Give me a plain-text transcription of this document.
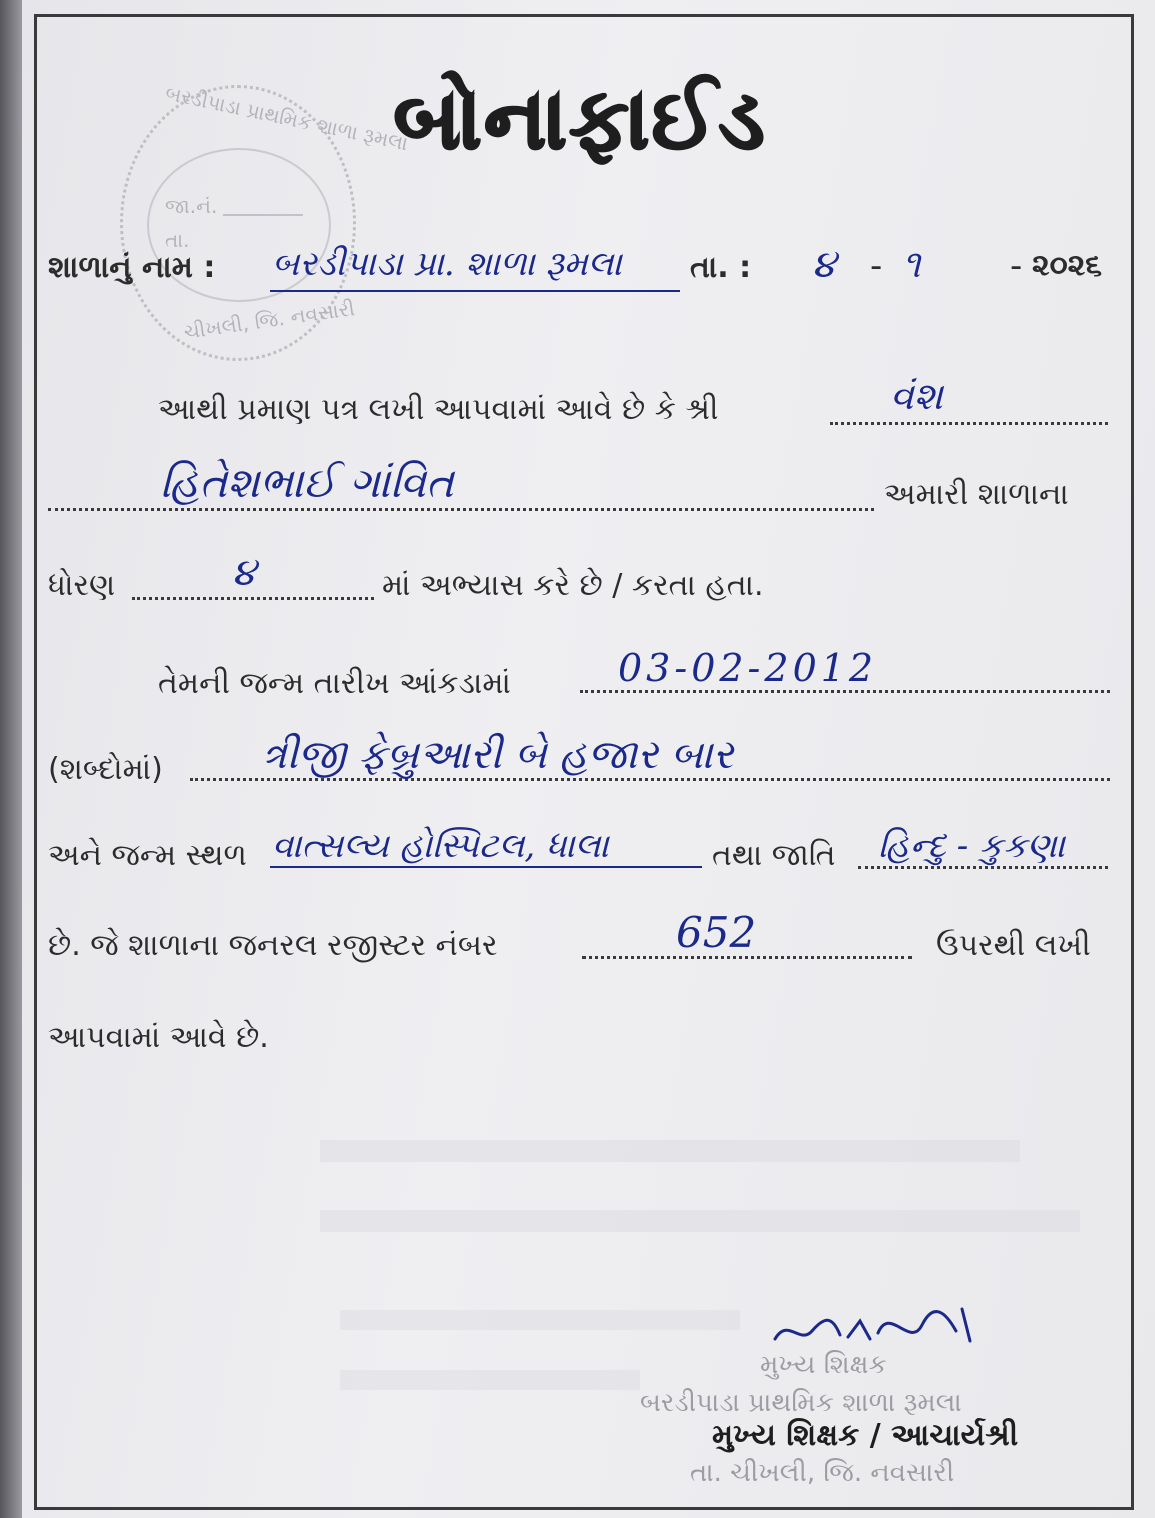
બરડીપાડા પ્રાથમિક શાળા રૂમલા
જા.નં.
તા.
ચીખલી, જિ. નવસારી
બોનાફાઈડ
શાળાનું નામ : બરડીપાડા પ્રા. શાળા રૂમલા તા. : ૪ - ૧	- ૨૦૨૬
આથી પ્રમાણ પત્ર લખી આપવામાં આવે છે કે શ્રી	વંશ
હિતેશભાઈ ગાંવિત	અમારી શાળાના
ધોરણ	૪	માં અભ્યાસ કરે છે / કરતા હતા.
તેમની જન્મ તારીખ આંકડામાં	03-02-2012
(શબ્દોમાં) ત્રીજી ફેબ્રુઆરી બે હજાર બાર
અને જન્મ સ્થળ વાત્સલ્ય હોસ્પિટલ, ધાલા	તથા જાતિ હિન્દુ - કુકણા
છે. જે શાળાના જનરલ રજીસ્ટર નંબર	652	ઉપરથી લખી
આપવામાં આવે છે.
મુખ્ય શિક્ષક
બરડીપાડા પ્રાથમિક શાળા રૂમલા
મુખ્ય શિક્ષક / આચાર્યશ્રી
તા. ચીખલી, જિ. નવસારી
